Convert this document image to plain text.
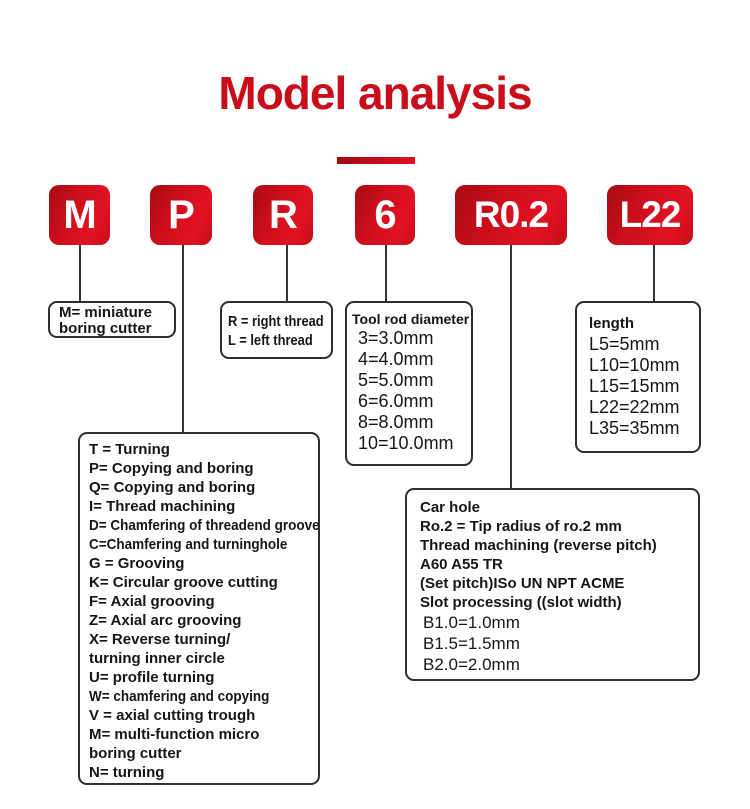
Model analysis
M	P	R	6	R0.2	L22
M= miniature
boring cutter	R = right thread
L = left thread
Tool rod diameter
3=3.0mm
4=4.0mm
5=5.0mm
6=6.0mm
8=8.0mm
10=10.0mm
length
L5=5mm
L10=10mm
L15=15mm
L22=22mm
L35=35mm
T = Turning
P= Copying and boring
Q= Copying and boring
I= Thread machining
D= Chamfering of threadend groove
C=Chamfering and turninghole
G = Grooving
K= Circular groove cutting
F= Axial grooving
Z= Axial arc grooving
X= Reverse turning/
turning inner circle
U= profile turning
W= chamfering and copying
V = axial cutting trough
M= multi-function micro
boring cutter
N= turning
Car hole
Ro.2 = Tip radius of ro.2 mm
Thread machining (reverse pitch)
A60 A55 TR
(Set pitch)ISo UN NPT ACME
Slot processing ((slot width)
B1.0=1.0mm
B1.5=1.5mm
B2.0=2.0mm
